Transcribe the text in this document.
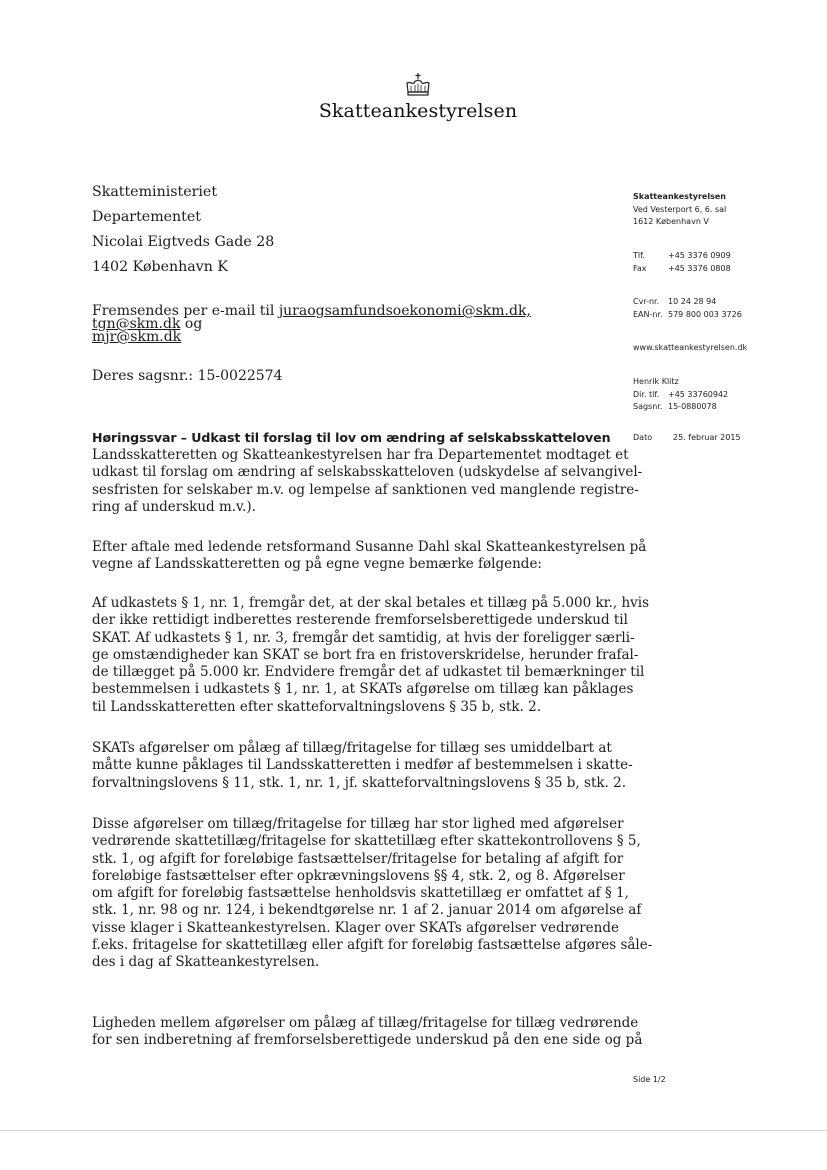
Skatteankestyrelsen
Skatteministeriet
Departementet
Nicolai Eigtveds Gade 28
1402 København K
Fremsendes per e-mail til juraogsamfundsoekonomi@skm.dk, tgn@skm.dk og
mjr@skm.dk
Deres sagsnr.: 15-0022574
Høringssvar – Udkast til forslag til lov om ændring af selskabsskatteloven
Landsskatteretten og Skatteankestyrelsen har fra Departementet modtaget et
udkast til forslag om ændring af selskabsskatteloven (udskydelse af selvangivel-
sesfristen for selskaber m.v. og lempelse af sanktionen ved manglende registre-
ring af underskud m.v.).
Efter aftale med ledende retsformand Susanne Dahl skal Skatteankestyrelsen på
vegne af Landsskatteretten og på egne vegne bemærke følgende:
Af udkastets § 1, nr. 1, fremgår det, at der skal betales et tillæg på 5.000 kr., hvis
der ikke rettidigt indberettes resterende fremforselsberettigede underskud til
SKAT. Af udkastets § 1, nr. 3, fremgår det samtidig, at hvis der foreligger særli-
ge omstændigheder kan SKAT se bort fra en fristoverskridelse, herunder frafal-
de tillægget på 5.000 kr. Endvidere fremgår det af udkastet til bemærkninger til
bestemmelsen i udkastets § 1, nr. 1, at SKATs afgørelse om tillæg kan påklages
til Landsskatteretten efter skatteforvaltningslovens § 35 b, stk. 2.
SKATs afgørelser om pålæg af tillæg/fritagelse for tillæg ses umiddelbart at
måtte kunne påklages til Landsskatteretten i medfør af bestemmelsen i skatte-
forvaltningslovens § 11, stk. 1, nr. 1, jf. skatteforvaltningslovens § 35 b, stk. 2.
Disse afgørelser om tillæg/fritagelse for tillæg har stor lighed med afgørelser
vedrørende skattetillæg/fritagelse for skattetillæg efter skattekontrollovens § 5,
stk. 1, og afgift for foreløbige fastsættelser/fritagelse for betaling af afgift for
foreløbige fastsættelser efter opkrævningslovens §§ 4, stk. 2, og 8. Afgørelser
om afgift for foreløbig fastsættelse henholdsvis skattetillæg er omfattet af § 1,
stk. 1, nr. 98 og nr. 124, i bekendtgørelse nr. 1 af 2. januar 2014 om afgørelse af
visse klager i Skatteankestyrelsen. Klager over SKATs afgørelser vedrørende
f.eks. fritagelse for skattetillæg eller afgift for foreløbig fastsættelse afgøres såle-
des i dag af Skatteankestyrelsen.
Ligheden mellem afgørelser om pålæg af tillæg/fritagelse for tillæg vedrørende
for sen indberetning af fremforselsberettigede underskud på den ene side og på
Skatteankestyrelsen
Ved Vesterport 6, 6. sal
1612 København V
Tlf.	+45 3376 0909
Fax	+45 3376 0808
Cvr-nr. 10 24 28 94
EAN-nr. 579 800 003 3726
www.skatteankestyrelsen.dk
Henrik Klitz
Dir. tlf. +45 33760942
Sagsnr. 15-0880078
Dato	25. februar 2015
Side 1/2
